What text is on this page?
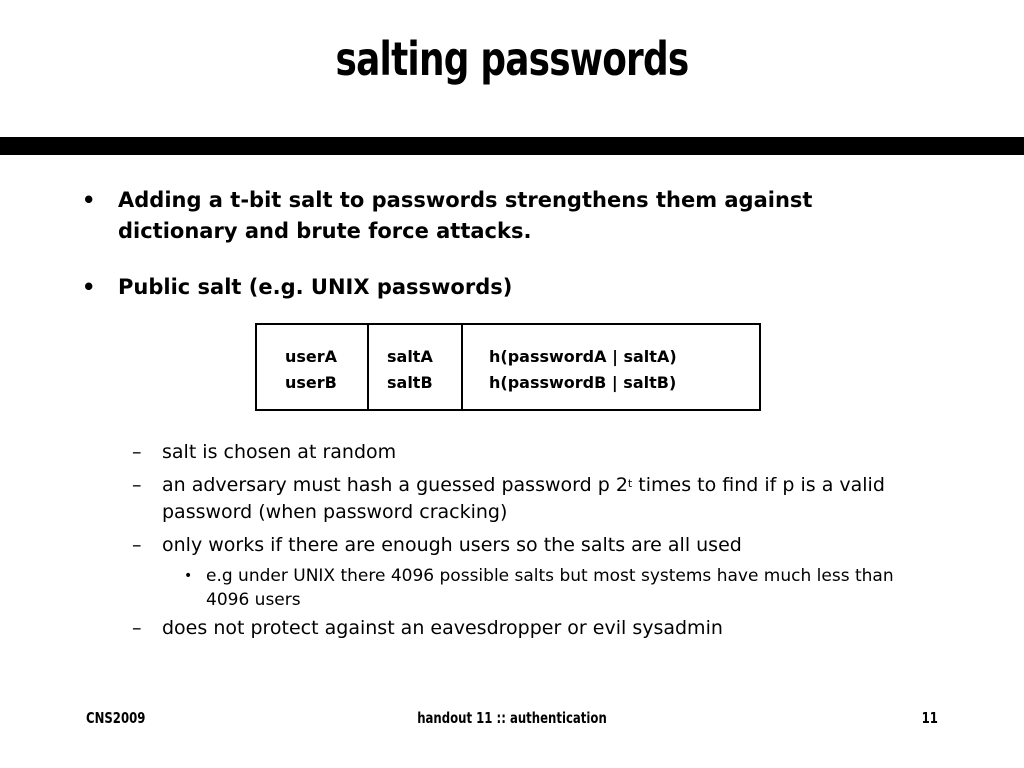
salting passwords
• Adding a t-bit salt to passwords strengthens them against dictionary and brute force attacks.
• Public salt (e.g. UNIX passwords)
userA
userB
saltA
saltB
h(passwordA | saltA)
h(passwordB | saltB)
– salt is chosen at random
– an adversary must hash a guessed password p 2$^t$ times to find if p is a valid password (when password cracking)
– only works if there are enough users so the salts are all used
• e.g under UNIX there 4096 possible salts but most systems have much less than 4096 users
– does not protect against an eavesdropper or evil sysadmin
CNS2009	handout 11 :: authentication	11
